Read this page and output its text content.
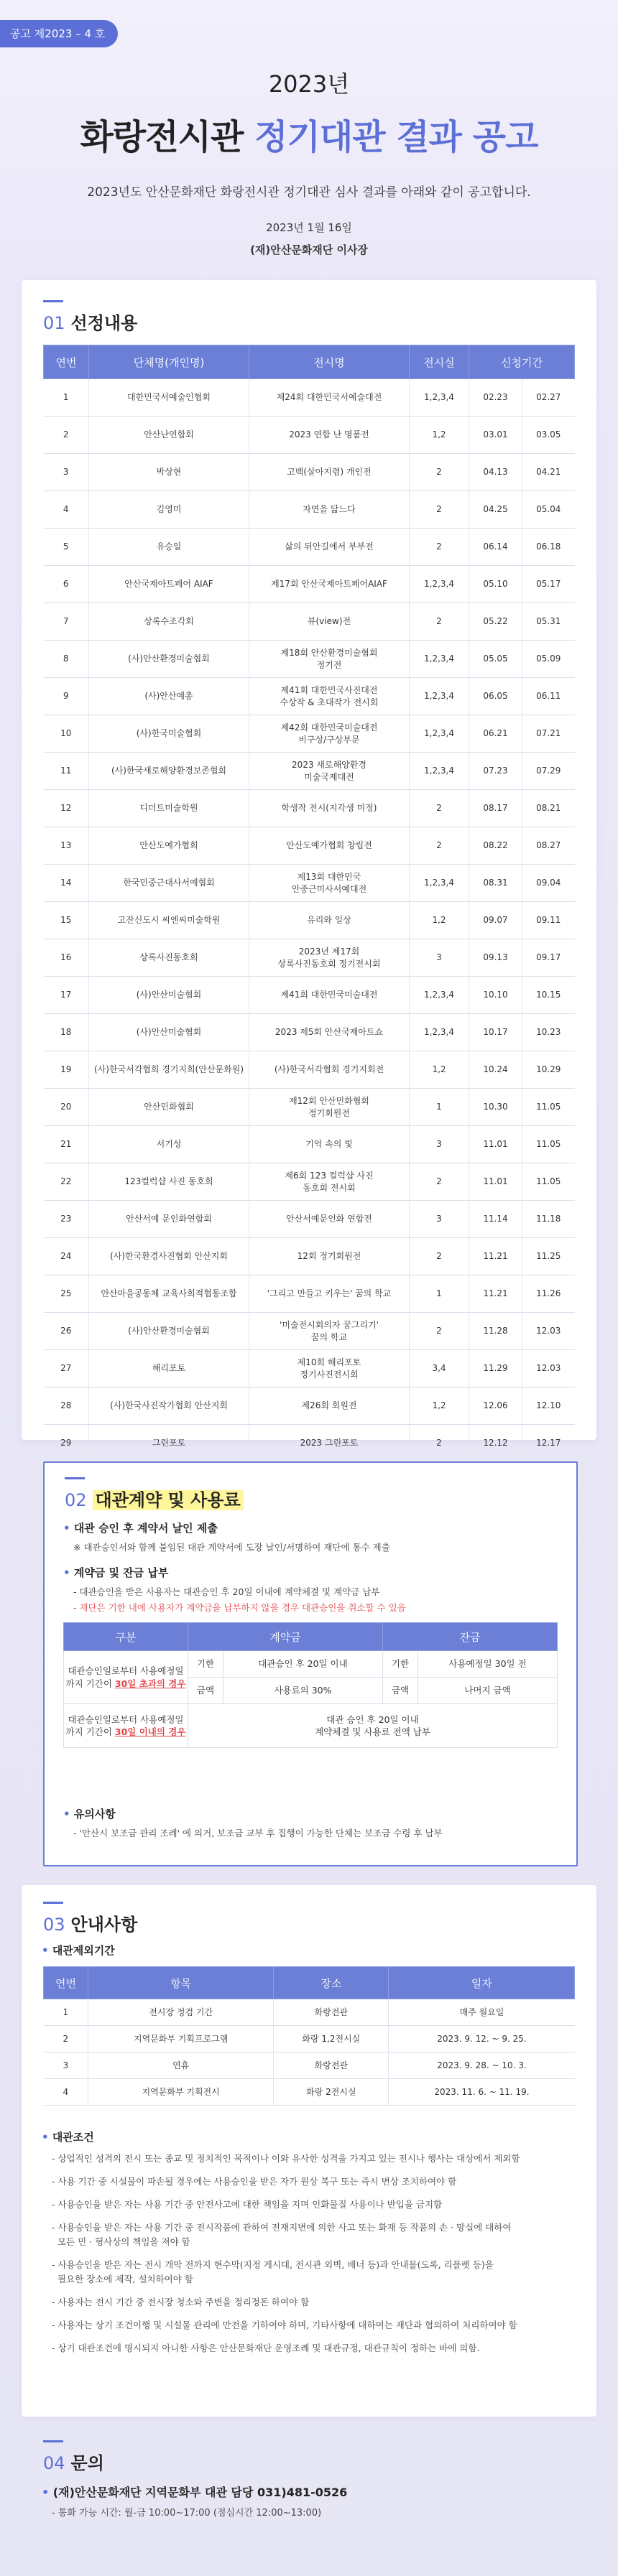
공고 제2023 – 4 호

2023년

화랑전시관 정기대관 결과 공고

2023년도 안산문화재단 화랑전시관 정기대관 심사 결과를 아래와 같이 공고합니다.

2023년 1월 16일

(재)안산문화재단 이사장

01 선정내용
연번	단체명(개인명)	전시명	전시실	신청기간	
1	대한민국서예술인협회	제24회 대한민국서예술대전	1,2,3,4	02.23	02.27
2	안산난연합회	2023 연합 난 명품전	1,2	03.01	03.05
3	박상현	고백(살아지렴) 개인전	2	04.13	04.21
4	김영미	자연을 닮느다	2	04.25	05.04
5	유승일	삶의 뒤안길에서 부부전	2	06.14	06.18
6	안산국제아트페어 AIAF	제17회 안산국제아트페어AIAF	1,2,3,4	05.10	05.17
7	상록수조각회	뷰(view)전	2	05.22	05.31
8	(사)안산환경미술협회	제18회 안산환경미술협회
정기전	1,2,3,4	05.05	05.09
9	(사)안산예총	제41회 대한민국사진대전
수상작 & 초대작가 전시회	1,2,3,4	06.05	06.11
10	(사)한국미술협회	제42회 대한민국미술대전
비구상/구상부문	1,2,3,4	06.21	07.21
11	(사)한국새로해양환경보존협회	2023 새로해양환경
미술국제대전	1,2,3,4	07.23	07.29
12	디더트미술학원	학생작 전시(지각생 미정)	2	08.17	08.21
13	안산도예가협회	안산도예가협회 창립전	2	08.22	08.27
14	한국민중근대사서예협회	제13회 대한민국
안중근미사서예대전	1,2,3,4	08.31	09.04
15	고잔신도시 씨엔씨미술학원	유리와 일상	1,2	09.07	09.11
16	상록사진동호회	2023년 제17회
상록사진동호회 정기전시회	3	09.13	09.17
17	(사)안산미술협회	제41회 대한민국미술대전	1,2,3,4	10.10	10.15
18	(사)안산미술협회	2023 제5회 안산국제아트쇼	1,2,3,4	10.17	10.23
19	(사)한국서각협회 경기지회(안산문화원)	(사)한국서각협회 경기지회전	1,2	10.24	10.29
20	안산민화협회	제12회 안산민화협회
정기회원전	1	10.30	11.05
21	서기성	기억 속의 빛	3	11.01	11.05
22	123컬럭샵 사진 동호회	제6회 123 컬럭샵 사진
동호회 전시회	2	11.01	11.05
23	안산서예 문인화연합회	안산서예문인화 연합전	3	11.14	11.18
24	(사)한국환경사진협회 안산지회	12회 정기회원전	2	11.21	11.25
25	안산마을공동체 교육사회적협동조합	'그리고 만들고 키우는' 꿈의 학교	1	11.21	11.26
26	(사)안산환경미술협회	'미술전시회의자 꿈그리기'
꿈의 학교	2	11.28	12.03
27	해리포토	제10회 해리포토
정기사진전시회	3,4	11.29	12.03
28	(사)한국사진작가협회 안산지회	제26회 회원전	1,2	12.06	12.10
29	그린포토	2023 그린포토	2	12.12	12.17
02 대관계약 및 사용료
• 대관 승인 후 계약서 날인 제출
※ 대관승인서와 함께 붙임된 대관 계약서에 도장 날인/서명하여 재단에 통수 제출
• 계약금 및 잔금 납부
- 대관승인을 받은 사용자는 대관승인 후 20일 이내에 계약체결 및 계약금 납부
- 재단은 기한 내에 사용자가 계약금을 납부하지 않을 경우 대관승인을 취소할 수 있음
구분	계약금		잔금	
대관승인일로부터 사용예정일까지 기간이 30일 초과의 경우	기한	대관승인 후 20일 이내	기한	사용예정일 30일 전
	금액	사용료의 30%	금액	나머지 금액
대관승인일로부터 사용예정일까지 기간이 30일 이내의 경우	대관 승인 후 20일 이내
계약체결 및 사용료 전액 납부			
• 유의사항
- '안산시 보조금 관리 조례' 에 의거, 보조금 교부 후 집행이 가능한 단체는 보조금 수령 후 납부
03 안내사항
• 대관제외기간
연번	항목	장소	일자
1	전시장 정검 기간	화랑전관	매주 월요일
2	지역문화부 기획프로그램	화랑 1,2전시실	2023. 9. 12. ~ 9. 25.
3	연휴	화랑전관	2023. 9. 28. ~ 10. 3.
4	지역문화부 기획전시	화랑 2전시실	2023. 11. 6. ~ 11. 19.
• 대관조건
- 상업적인 성격의 전시 또는 종교 및 정치적인 목적이나 이와 유사한 성격을 가지고 있는 전시나 행사는 대상에서 제외함
- 사용 기간 중 시설물이 파손될 경우에는 사용승인을 받은 자가 원상 복구 또는 즉시 변상 조치하여야 함
- 사용승인을 받은 자는 사용 기간 중 안전사고에 대한 책임을 지며 인화물질 사용이나 반입을 금지함
- 사용승인을 받은 자는 사용 기간 중 전시작품에 관하여 전재지변에 의한 사고 또는 화재 등 작품의 손 · 망실에 대하여
모든 민 · 형사상의 책임을 져야 함
- 사용승인을 받은 자는 전시 개막 전까지 현수막(지정 게시대, 전시관 외벽, 배너 등)과 안내물(도록, 리플렛 등)을
필요한 장소에 제작, 설치하여야 함
- 사용자는 전시 기간 중 전시장 청소와 주변을 정리정돈 하여야 함
- 사용자는 상기 조건이행 및 시설물 관리에 만전을 기하여야 하며, 기타사항에 대하여는 재단과 협의하여 처리하여야 함
- 상기 대관조건에 명시되지 아니한 사항은 안산문화재단 운영조례 및 대관규정, 대관규칙이 정하는 바에 의함.
04 문의
• (재)안산문화재단 지역문화부 대관 담당 031)481-0526
- 통화 가능 시간: 월-금 10:00~17:00 (점심시간 12:00~13:00)
